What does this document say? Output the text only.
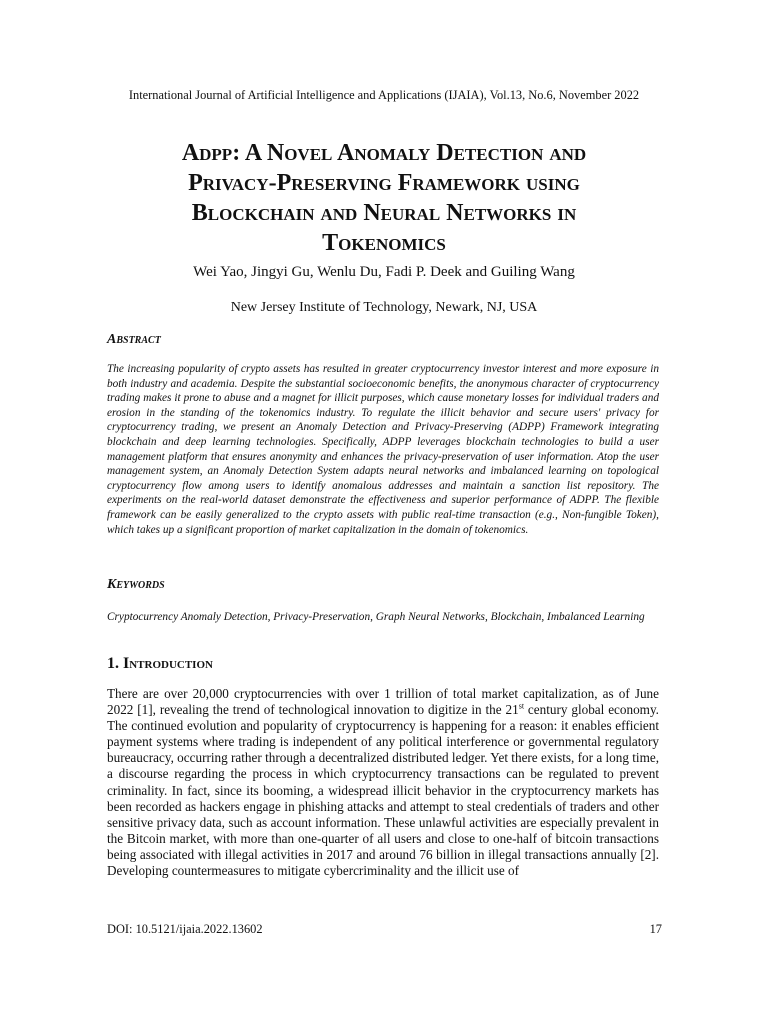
International Journal of Artificial Intelligence and Applications (IJAIA), Vol.13, No.6, November 2022
Adpp: A Novel Anomaly Detection and
Privacy-Preserving Framework using
Blockchain and Neural Networks in
Tokenomics
Wei Yao, Jingyi Gu, Wenlu Du, Fadi P. Deek and Guiling Wang
New Jersey Institute of Technology, Newark, NJ, USA
Abstract

The increasing popularity of crypto assets has resulted in greater cryptocurrency investor interest and more exposure in both industry and academia. Despite the substantial socioeconomic benefits, the anonymous character of cryptocurrency trading makes it prone to abuse and a magnet for illicit purposes, which cause monetary losses for individual traders and erosion in the standing of the tokenomics industry. To regulate the illicit behavior and secure users' privacy for cryptocurrency trading, we present an Anomaly Detection and Privacy-Preserving (ADPP) Framework integrating blockchain and deep learning technologies. Specifically, ADPP leverages blockchain technologies to build a user management platform that ensures anonymity and enhances the privacy-preservation of user information. Atop the user management system, an Anomaly Detection System adapts neural networks and imbalanced learning on topological cryptocurrency flow among users to identify anomalous addresses and maintain a sanction list repository. The experiments on the real-world dataset demonstrate the effectiveness and superior performance of ADPP. The flexible framework can be easily generalized to the crypto assets with public real-time transaction (e.g., Non-fungible Token), which takes up a significant proportion of market capitalization in the domain of tokenomics.

Keywords

Cryptocurrency Anomaly Detection, Privacy-Preservation, Graph Neural Networks, Blockchain, Imbalanced Learning

1. Introduction

There are over 20,000 cryptocurrencies with over 1 trillion of total market capitalization, as of June 2022 [1], revealing the trend of technological innovation to digitize in the 21st century global economy. The continued evolution and popularity of cryptocurrency is happening for a reason: it enables efficient payment systems where trading is independent of any political interference or governmental regulatory bureaucracy, occurring rather through a decentralized distributed ledger. Yet there exists, for a long time, a discourse regarding the process in which cryptocurrency transactions can be regulated to prevent criminality. In fact, since its booming, a widespread illicit behavior in the cryptocurrency markets has been recorded as hackers engage in phishing attacks and attempt to steal credentials of traders and other sensitive privacy data, such as account information. These unlawful activities are especially prevalent in the Bitcoin market, with more than one-quarter of all users and close to one-half of bitcoin transactions being associated with illegal activities in 2017 and around 76 billion in illegal transactions annually [2]. Developing countermeasures to mitigate cybercriminality and the illicit use of

DOI: 10.5121/ijaia.2022.13602	17
